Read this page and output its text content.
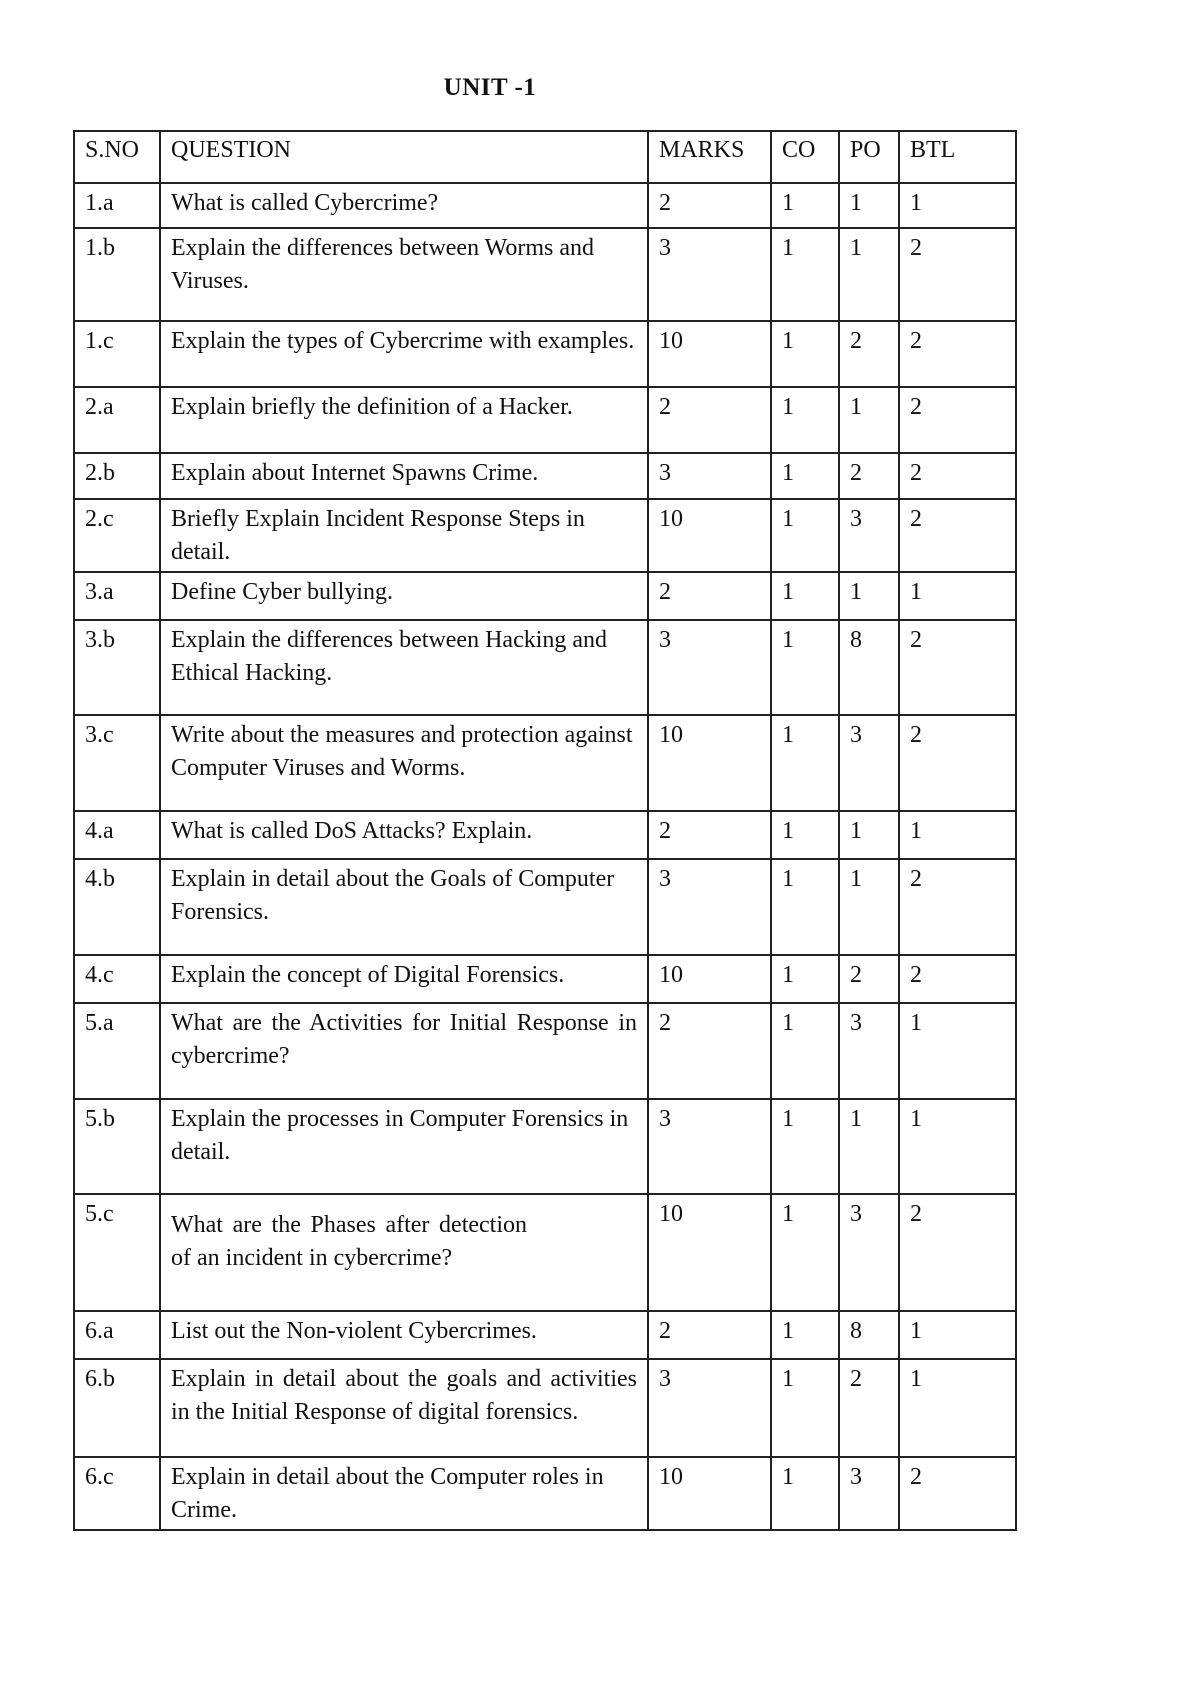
UNIT -1
S.NO	QUESTION	MARKS	CO	PO	BTL
1.a	What is called Cybercrime?	2	1	1	1
1.b	Explain the differences between Worms and Viruses.	3	1	1	2
1.c	Explain the types of Cybercrime with examples.	10	1	2	2
2.a	Explain briefly the definition of a Hacker.	2	1	1	2
2.b	Explain about Internet Spawns Crime.	3	1	2	2
2.c	Briefly Explain Incident Response Steps in detail.	10	1	3	2
3.a	Define Cyber bullying.	2	1	1	1
3.b	Explain the differences between Hacking and Ethical Hacking.	3	1	8	2
3.c	Write about the measures and protection against Computer Viruses and Worms.	10	1	3	2
4.a	What is called DoS Attacks? Explain.	2	1	1	1
4.b	Explain in detail about the Goals of Computer Forensics.	3	1	1	2
4.c	Explain the concept of Digital Forensics.	10	1	2	2
5.a	What are the Activities for Initial Response in cybercrime?	2	1	3	1
5.b	Explain the processes in Computer Forensics in detail.	3	1	1	1
5.c	What are the Phases after detection of an incident in cybercrime?	10	1	3	2
6.a	List out the Non-violent Cybercrimes.	2	1	8	1
6.b	Explain in detail about the goals and activities in the Initial Response of digital forensics.	3	1	2	1
6.c	Explain in detail about the Computer roles in Crime.	10	1	3	2
